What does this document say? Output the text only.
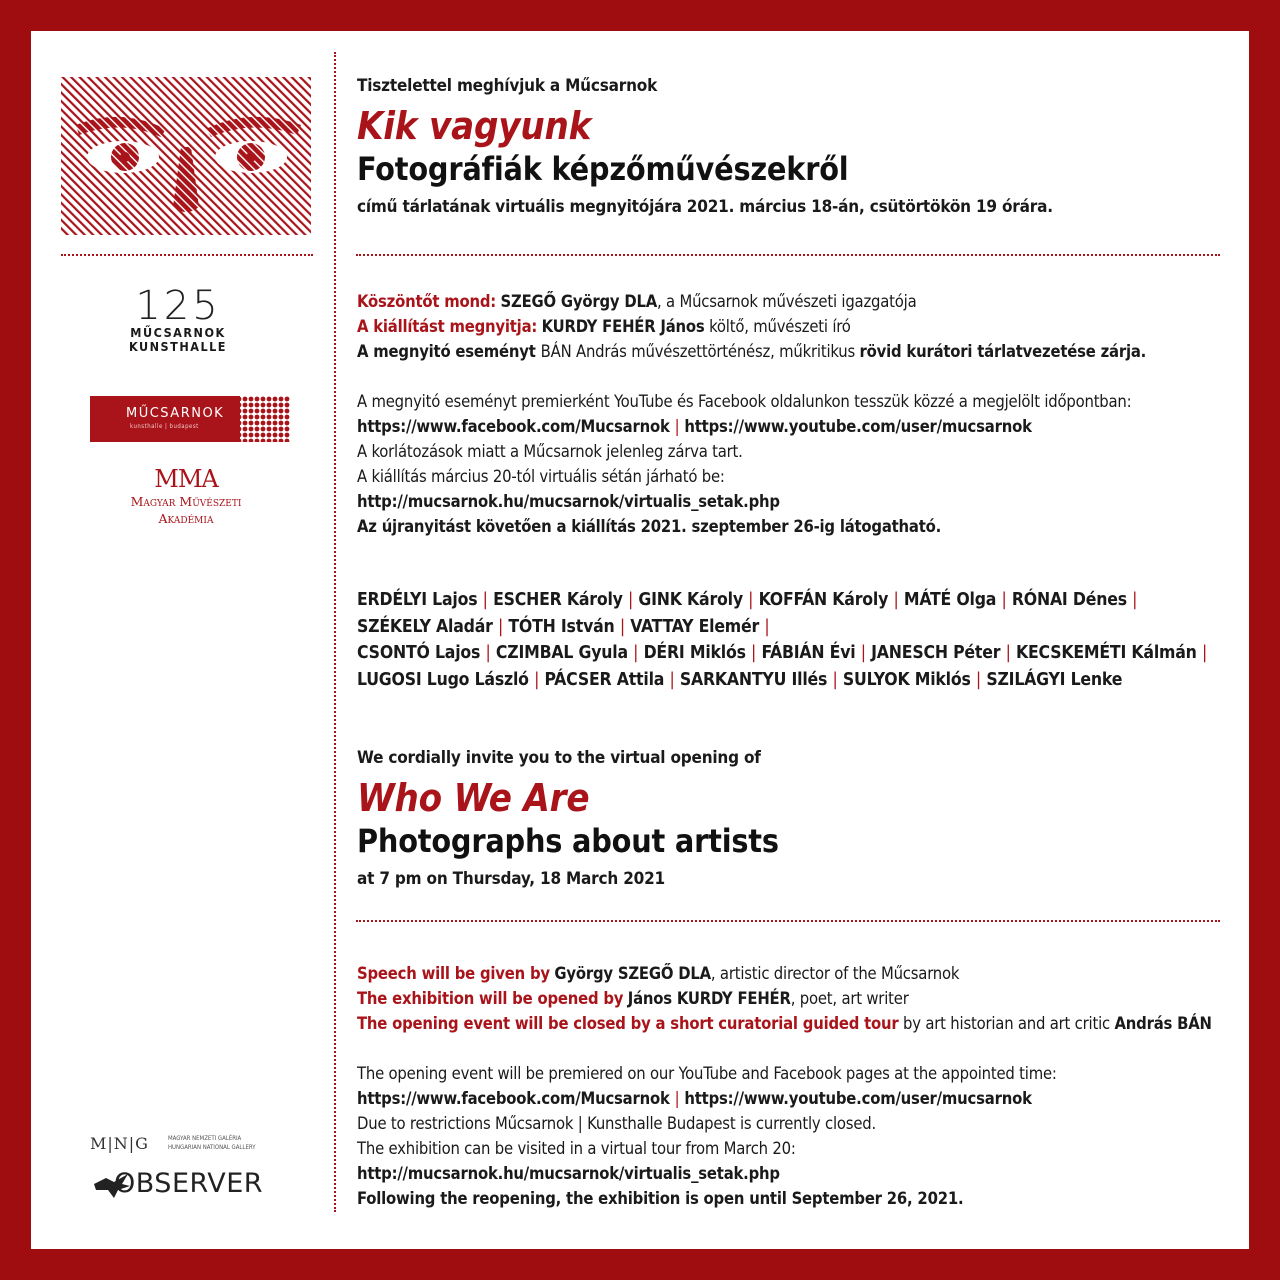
125
MŰCSARNOK
KUNSTHALLE
MŰCSARNOK
kunsthalle | budapest
MMA
Magyar Művészeti
Akadémia
M|N|G	MAGYAR NEMZETI GALÉRIA
HUNGARIAN NATIONAL GALLERY
OBSERVER

Tisztelettel meghívjuk a Műcsarnok

Kik vagyunk

Fotográfiák képzőművészekről

című tárlatának virtuális megnyitójára 2021. március 18-án, csütörtökön 19 órára.

Köszöntőt mond: SZEGŐ György DLA, a Műcsarnok művészeti igazgatója

A kiállítást megnyitja: KURDY FEHÉR János költő, művészeti író

A megnyitó eseményt BÁN András művészettörténész, műkritikus rövid kurátori tárlatvezetése zárja.

A megnyitó eseményt premierként YouTube és Facebook oldalunkon tesszük közzé a megjelölt időpontban:

https://www.facebook.com/Mucsarnok | https://www.youtube.com/user/mucsarnok

A korlátozások miatt a Műcsarnok jelenleg zárva tart.

A kiállítás március 20-tól virtuális sétán járható be:

http://mucsarnok.hu/mucsarnok/virtualis_setak.php

Az újranyitást követően a kiállítás 2021. szeptember 26-ig látogatható.

ERDÉLYI Lajos | ESCHER Károly | GINK Károly | KOFFÁN Károly | MÁTÉ Olga | RÓNAI Dénes |

SZÉKELY Aladár | TÓTH István | VATTAY Elemér |

CSONTÓ Lajos | CZIMBAL Gyula | DÉRI Miklós | FÁBIÁN Évi | JANESCH Péter | KECSKEMÉTI Kálmán |

LUGOSI Lugo László | PÁCSER Attila | SARKANTYU Illés | SULYOK Miklós | SZILÁGYI Lenke

We cordially invite you to the virtual opening of

Who We Are

Photographs about artists

at 7 pm on Thursday, 18 March 2021

Speech will be given by György SZEGŐ DLA, artistic director of the Műcsarnok

The exhibition will be opened by János KURDY FEHÉR, poet, art writer

The opening event will be closed by a short curatorial guided tour by art historian and art critic András BÁN

The opening event will be premiered on our YouTube and Facebook pages at the appointed time:

https://www.facebook.com/Mucsarnok | https://www.youtube.com/user/mucsarnok

Due to restrictions Műcsarnok | Kunsthalle Budapest is currently closed.

The exhibition can be visited in a virtual tour from March 20:

http://mucsarnok.hu/mucsarnok/virtualis_setak.php

Following the reopening, the exhibition is open until September 26, 2021.
